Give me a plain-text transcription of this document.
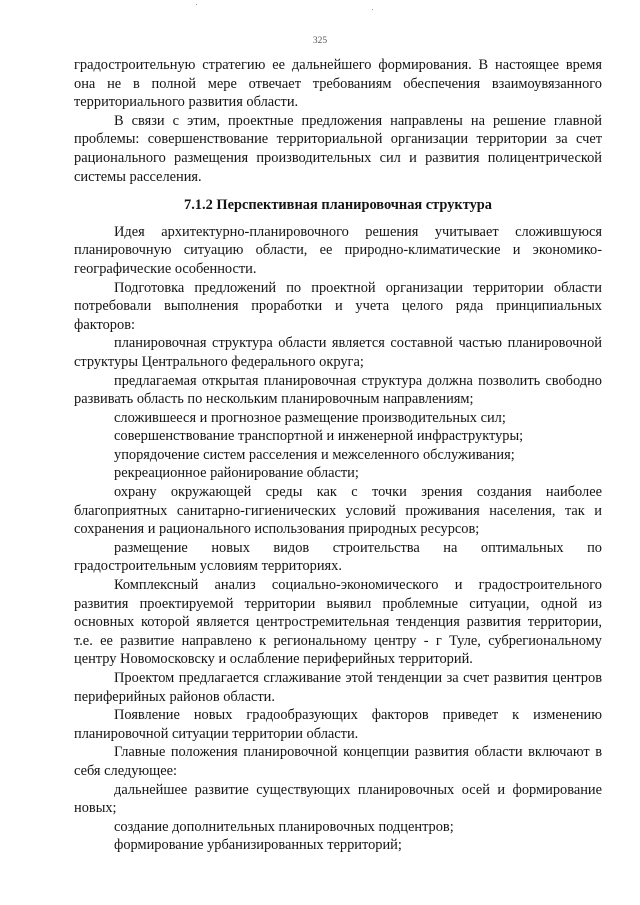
325

градостроительную стратегию ее дальнейшего формирования. В настоящее время она не в полной мере отвечает требованиям обеспечения взаимоувязанного территориального развития области.

В связи с этим, проектные предложения направлены на решение главной проблемы: совершенствование территориальной организации территории за счет рационального размещения производительных сил и развития полицентрической системы расселения.

7.1.2 Перспективная планировочная структура

Идея архитектурно-планировочного решения учитывает сложившуюся планировочную ситуацию области, ее природно-климатические и экономико-географические особенности.

Подготовка предложений по проектной организации территории области потребовали выполнения проработки и учета целого ряда принципиальных факторов:

планировочная структура области является составной частью планировочной структуры Центрального федерального округа;

предлагаемая открытая планировочная структура должна позволить свободно развивать область по нескольким планировочным направлениям;

сложившееся и прогнозное размещение производительных сил;

совершенствование транспортной и инженерной инфраструктуры;

упорядочение систем расселения и межселенного обслуживания;

рекреационное районирование области;

охрану окружающей среды как с точки зрения создания наиболее благоприятных санитарно-гигиенических условий проживания населения, так и сохранения и рационального использования природных ресурсов;

размещение новых видов строительства на оптимальных по градостроительным условиям территориях.

Комплексный анализ социально-экономического и градостроительного развития проектируемой территории выявил проблемные ситуации, одной из основных которой является центростремительная тенденция развития территории, т.е. ее развитие направлено к региональному центру - г Туле, субрегиональному центру Новомосковску и ослабление периферийных территорий.

Проектом предлагается сглаживание этой тенденции за счет развития центров периферийных районов области.

Появление новых градообразующих факторов приведет к изменению планировочной ситуации территории области.

Главные положения планировочной концепции развития области включают в себя следующее:

дальнейшее развитие существующих планировочных осей и формирование новых;

создание дополнительных планировочных подцентров;

формирование урбанизированных территорий;
